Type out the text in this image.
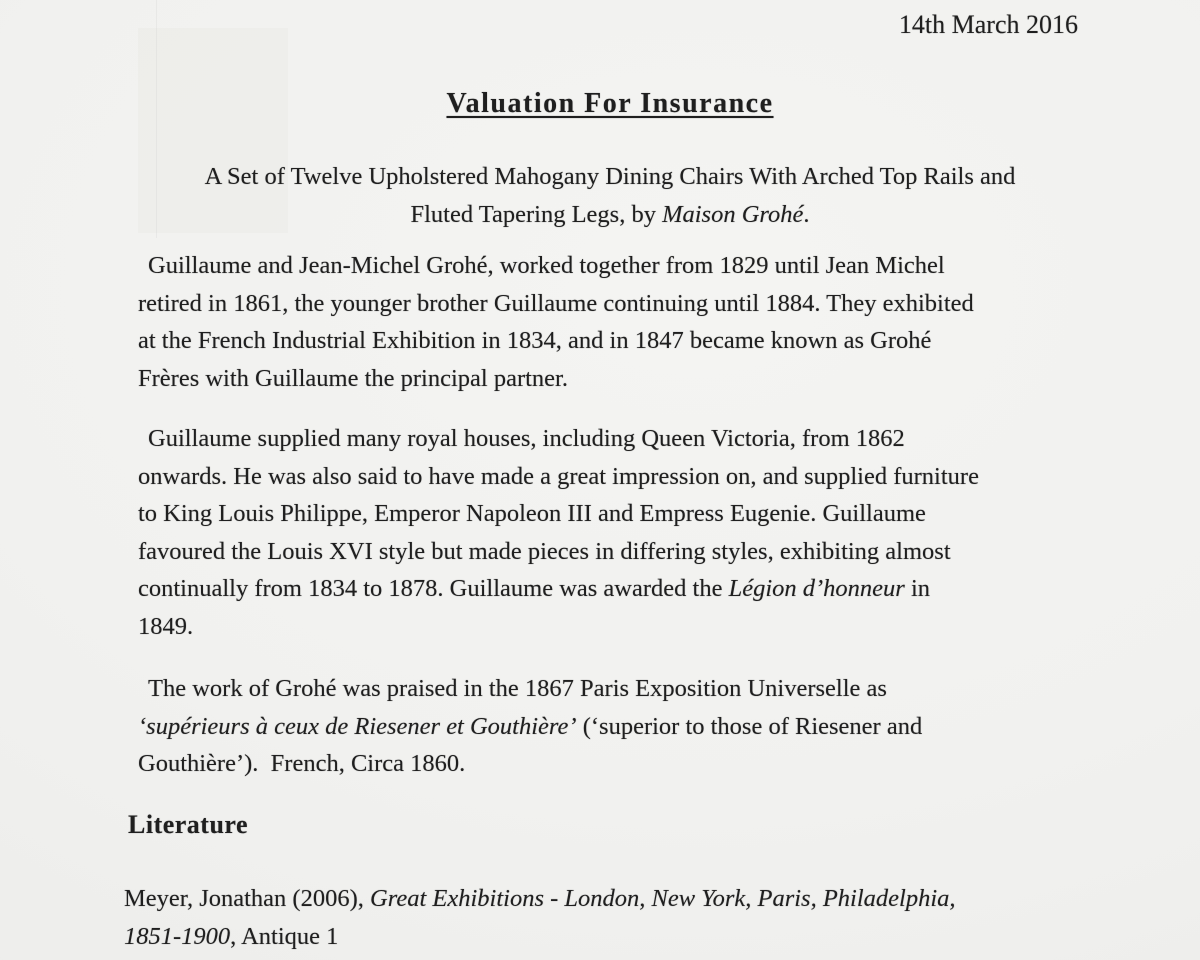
14th March 2016
Valuation For Insurance
A Set of Twelve Upholstered Mahogany Dining Chairs With Arched Top Rails and
Fluted Tapering Legs, by Maison Grohé.
Guillaume and Jean-Michel Grohé, worked together from 1829 until Jean Michel
retired in 1861, the younger brother Guillaume continuing until 1884. They exhibited
at the French Industrial Exhibition in 1834, and in 1847 became known as Grohé
Frères with Guillaume the principal partner.
Guillaume supplied many royal houses, including Queen Victoria, from 1862
onwards. He was also said to have made a great impression on, and supplied furniture
to King Louis Philippe, Emperor Napoleon III and Empress Eugenie. Guillaume
favoured the Louis XVI style but made pieces in differing styles, exhibiting almost
continually from 1834 to 1878. Guillaume was awarded the Légion d’honneur in
1849.
The work of Grohé was praised in the 1867 Paris Exposition Universelle as
‘supérieurs à ceux de Riesener et Gouthière’ (‘superior to those of Riesener and
Gouthière’).  French, Circa 1860.
Literature
Meyer, Jonathan (2006), Great Exhibitions - London, New York, Paris, Philadelphia,
1851-1900, Antique 1
